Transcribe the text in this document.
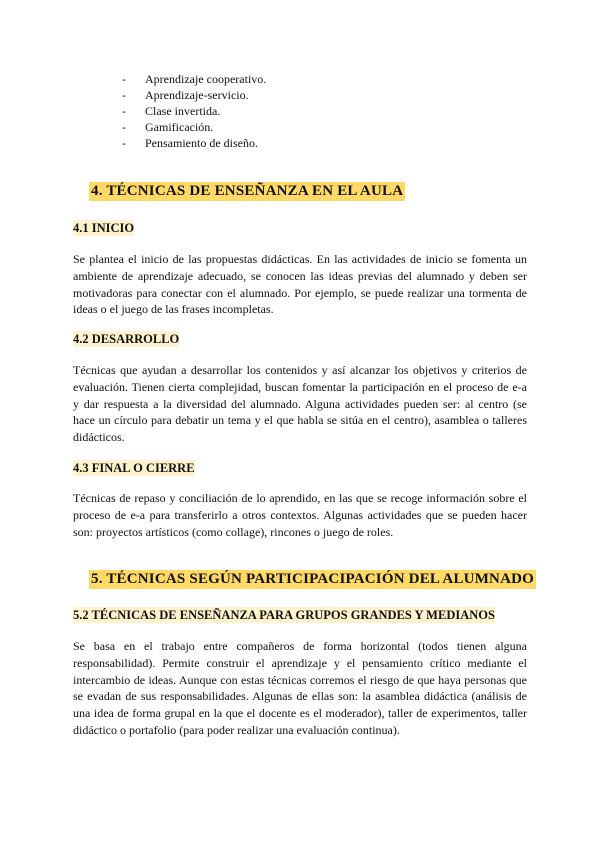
-	Aprendizaje cooperativo.
-	Aprendizaje-servicio.
-	Clase invertida.
-	Gamificación.
-	Pensamiento de diseño.
4. TÉCNICAS DE ENSEÑANZA EN EL AULA
4.1 INICIO
Se plantea el inicio de las propuestas didácticas. En las actividades de inicio se fomenta un
ambiente de aprendizaje adecuado, se conocen las ideas previas del alumnado y deben ser
motivadoras para conectar con el alumnado. Por ejemplo, se puede realizar una tormenta de
ideas o el juego de las frases incompletas.
4.2 DESARROLLO
Técnicas que ayudan a desarrollar los contenidos y así alcanzar los objetivos y criterios de
evaluación. Tienen cierta complejidad, buscan fomentar la participación en el proceso de e-a
y dar respuesta a la diversidad del alumnado. Alguna actividades pueden ser: al centro (se
hace un círculo para debatir un tema y el que habla se sitúa en el centro), asamblea o talleres
didácticos.
4.3 FINAL O CIERRE
Técnicas de repaso y conciliación de lo aprendido, en las que se recoge información sobre el
proceso de e-a para transferirlo a otros contextos. Algunas actividades que se pueden hacer
son: proyectos artísticos (como collage), rincones o juego de roles.
5. TÉCNICAS SEGÚN PARTICIPACIPACIÓN DEL ALUMNADO
5.2 TÉCNICAS DE ENSEÑANZA PARA GRUPOS GRANDES Y MEDIANOS
Se basa en el trabajo entre compañeros de forma horizontal (todos tienen alguna
responsabilidad). Permite construir el aprendizaje y el pensamiento crítico mediante el
intercambio de ideas. Aunque con estas técnicas corremos el riesgo de que haya personas que
se evadan de sus responsabilidades. Algunas de ellas son: la asamblea didáctica (análisis de
una idea de forma grupal en la que el docente es el moderador), taller de experimentos, taller
didáctico o portafolio (para poder realizar una evaluación continua).
